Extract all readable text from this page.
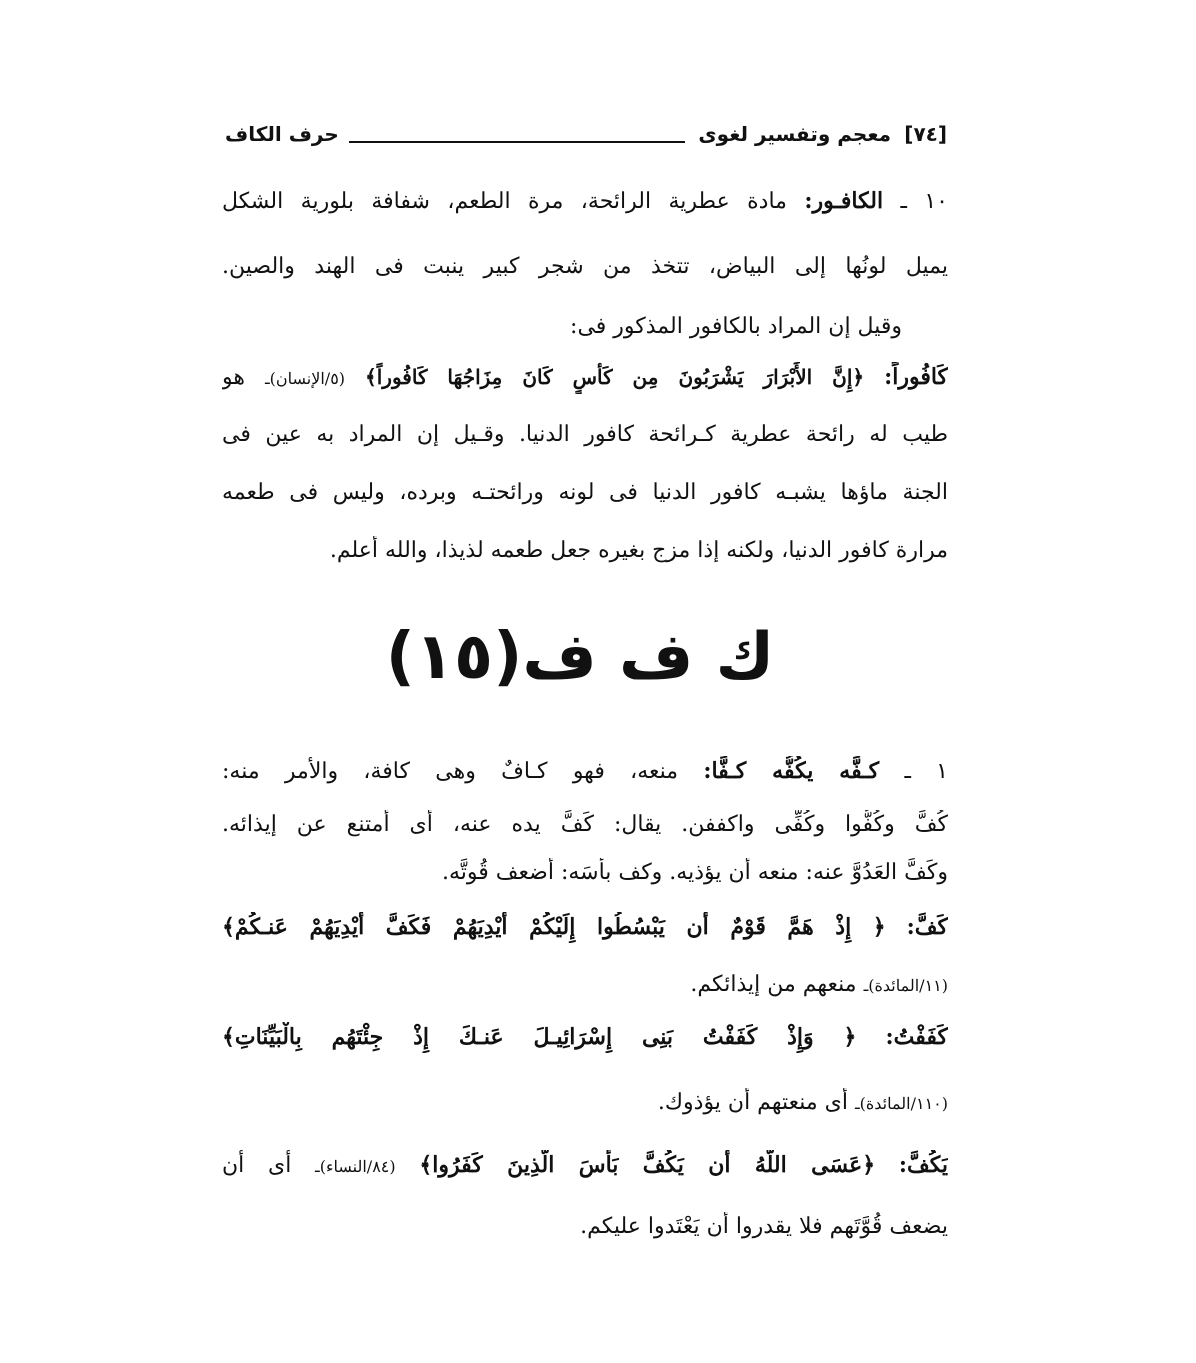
[٧٤]
معجم وتفسير لغوى
حرف الكاف
١٠ ـ الكافـور: مادة عطرية الرائحة، مرة الطعم، شفافة بلورية الشكل
يميل لونُها إلى البياض، تتخذ من شجر كبير ينبت فى الهند والصين.
وقيل إن المراد بالكافور المذكور فى:
كَافُوراً: ﴿إِنَّ الأَبْرَارَ يَشْرَبُونَ مِن كَأْسٍ كَانَ مِزَاجُهَا كَافُوراً﴾ (٥/الإنسان)ـ هو
طيب له رائحة عطرية كـرائحة كافور الدنيا. وقـيل إن المراد به عين فى
الجنة ماؤها يشبـه كافور الدنيا فى لونه ورائحتـه وبرده، وليس فى طعمه
مرارة كافور الدنيا، ولكنه إذا مزج بغيره جعل طعمه لذيذا، والله أعلم.
ك ف ف(١٥)
١ ـ كـفَّه يكُفُّه كـفًّا: منعه، فهو كـافٌ وهى كافة، والأمر منه:
كُفَّ وكُفُّوا وكُفِّى واكففن. يقال: كَفَّ يده عنه، أى أمتنع عن إيذائه.
وكَفَّ العَدُوَّ عنه: منعه أن يؤذيه. وكف بأسَه: أضعف قُوتَّه.
كَفَّ: ﴿ إِذْ هَمَّ قَوْمٌ أَن يَبْسُطُوا إِلَيْكُمْ أَيْدِيَهُمْ فَكَفَّ أَيْدِيَهُمْ عَنـكُمْ﴾
(١١/المائدة)ـ منعهم من إيذائكم.
كَفَفْتُ: ﴿ وَإِذْ كَفَفْتُ بَنِى إِسْرَائِيـلَ عَنـكَ إِذْ جِئْتَهُم بِالْبَيِّنَاتِ﴾
(١١٠/المائدة)ـ أى منعتهم أن يؤذوك.
يَكُفَّ: ﴿عَسَى اللَّهُ أَن يَكُفَّ بَأْسَ الَّذِينَ كَفَرُوا﴾ (٨٤/النساء)ـ أى أن
يضعف قُوَّتَهم فلا يقدروا أن يَعْتَدوا عليكم.
